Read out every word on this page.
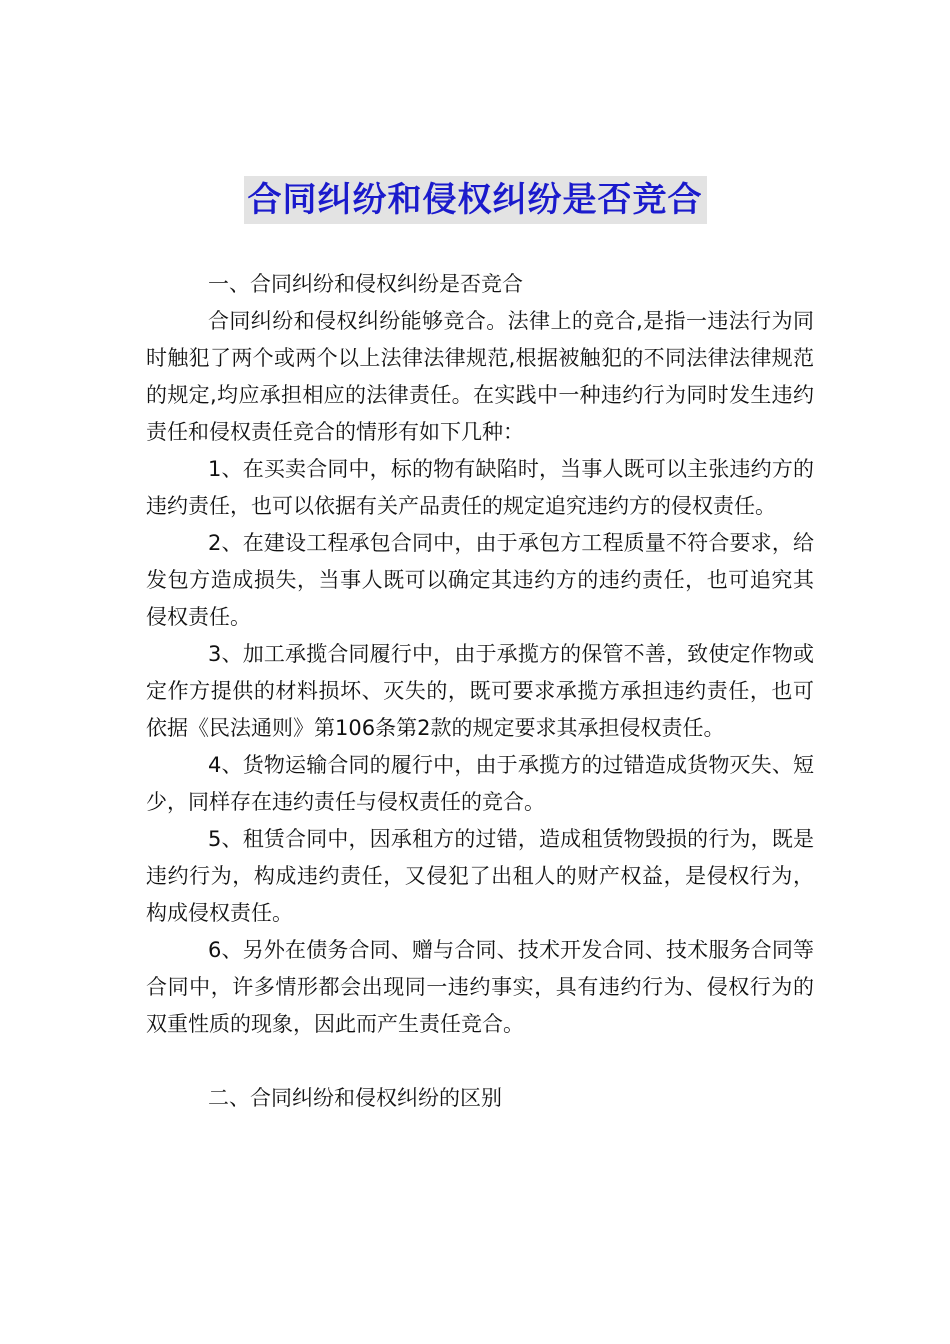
合同纠纷和侵权纠纷是否竞合

一、合同纠纷和侵权纠纷是否竞合

合同纠纷和侵权纠纷能够竞合。法律上的竞合,是指一违法行为同时触犯了两个或两个以上法律法律规范,根据被触犯的不同法律法律规范的规定,均应承担相应的法律责任。在实践中一种违约行为同时发生违约责任和侵权责任竞合的情形有如下几种：

1、在买卖合同中，标的物有缺陷时，当事人既可以主张违约方的违约责任，也可以依据有关产品责任的规定追究违约方的侵权责任。

2、在建设工程承包合同中，由于承包方工程质量不符合要求，给发包方造成损失，当事人既可以确定其违约方的违约责任，也可追究其侵权责任。

3、加工承揽合同履行中，由于承揽方的保管不善，致使定作物或定作方提供的材料损坏、灭失的，既可要求承揽方承担违约责任，也可依据《民法通则》第106条第2款的规定要求其承担侵权责任。

4、货物运输合同的履行中，由于承揽方的过错造成货物灭失、短少，同样存在违约责任与侵权责任的竞合。

5、租赁合同中，因承租方的过错，造成租赁物毁损的行为，既是违约行为，构成违约责任，又侵犯了出租人的财产权益，是侵权行为，构成侵权责任。

6、另外在债务合同、赠与合同、技术开发合同、技术服务合同等合同中，许多情形都会出现同一违约事实，具有违约行为、侵权行为的双重性质的现象，因此而产生责任竞合。

二、合同纠纷和侵权纠纷的区别
